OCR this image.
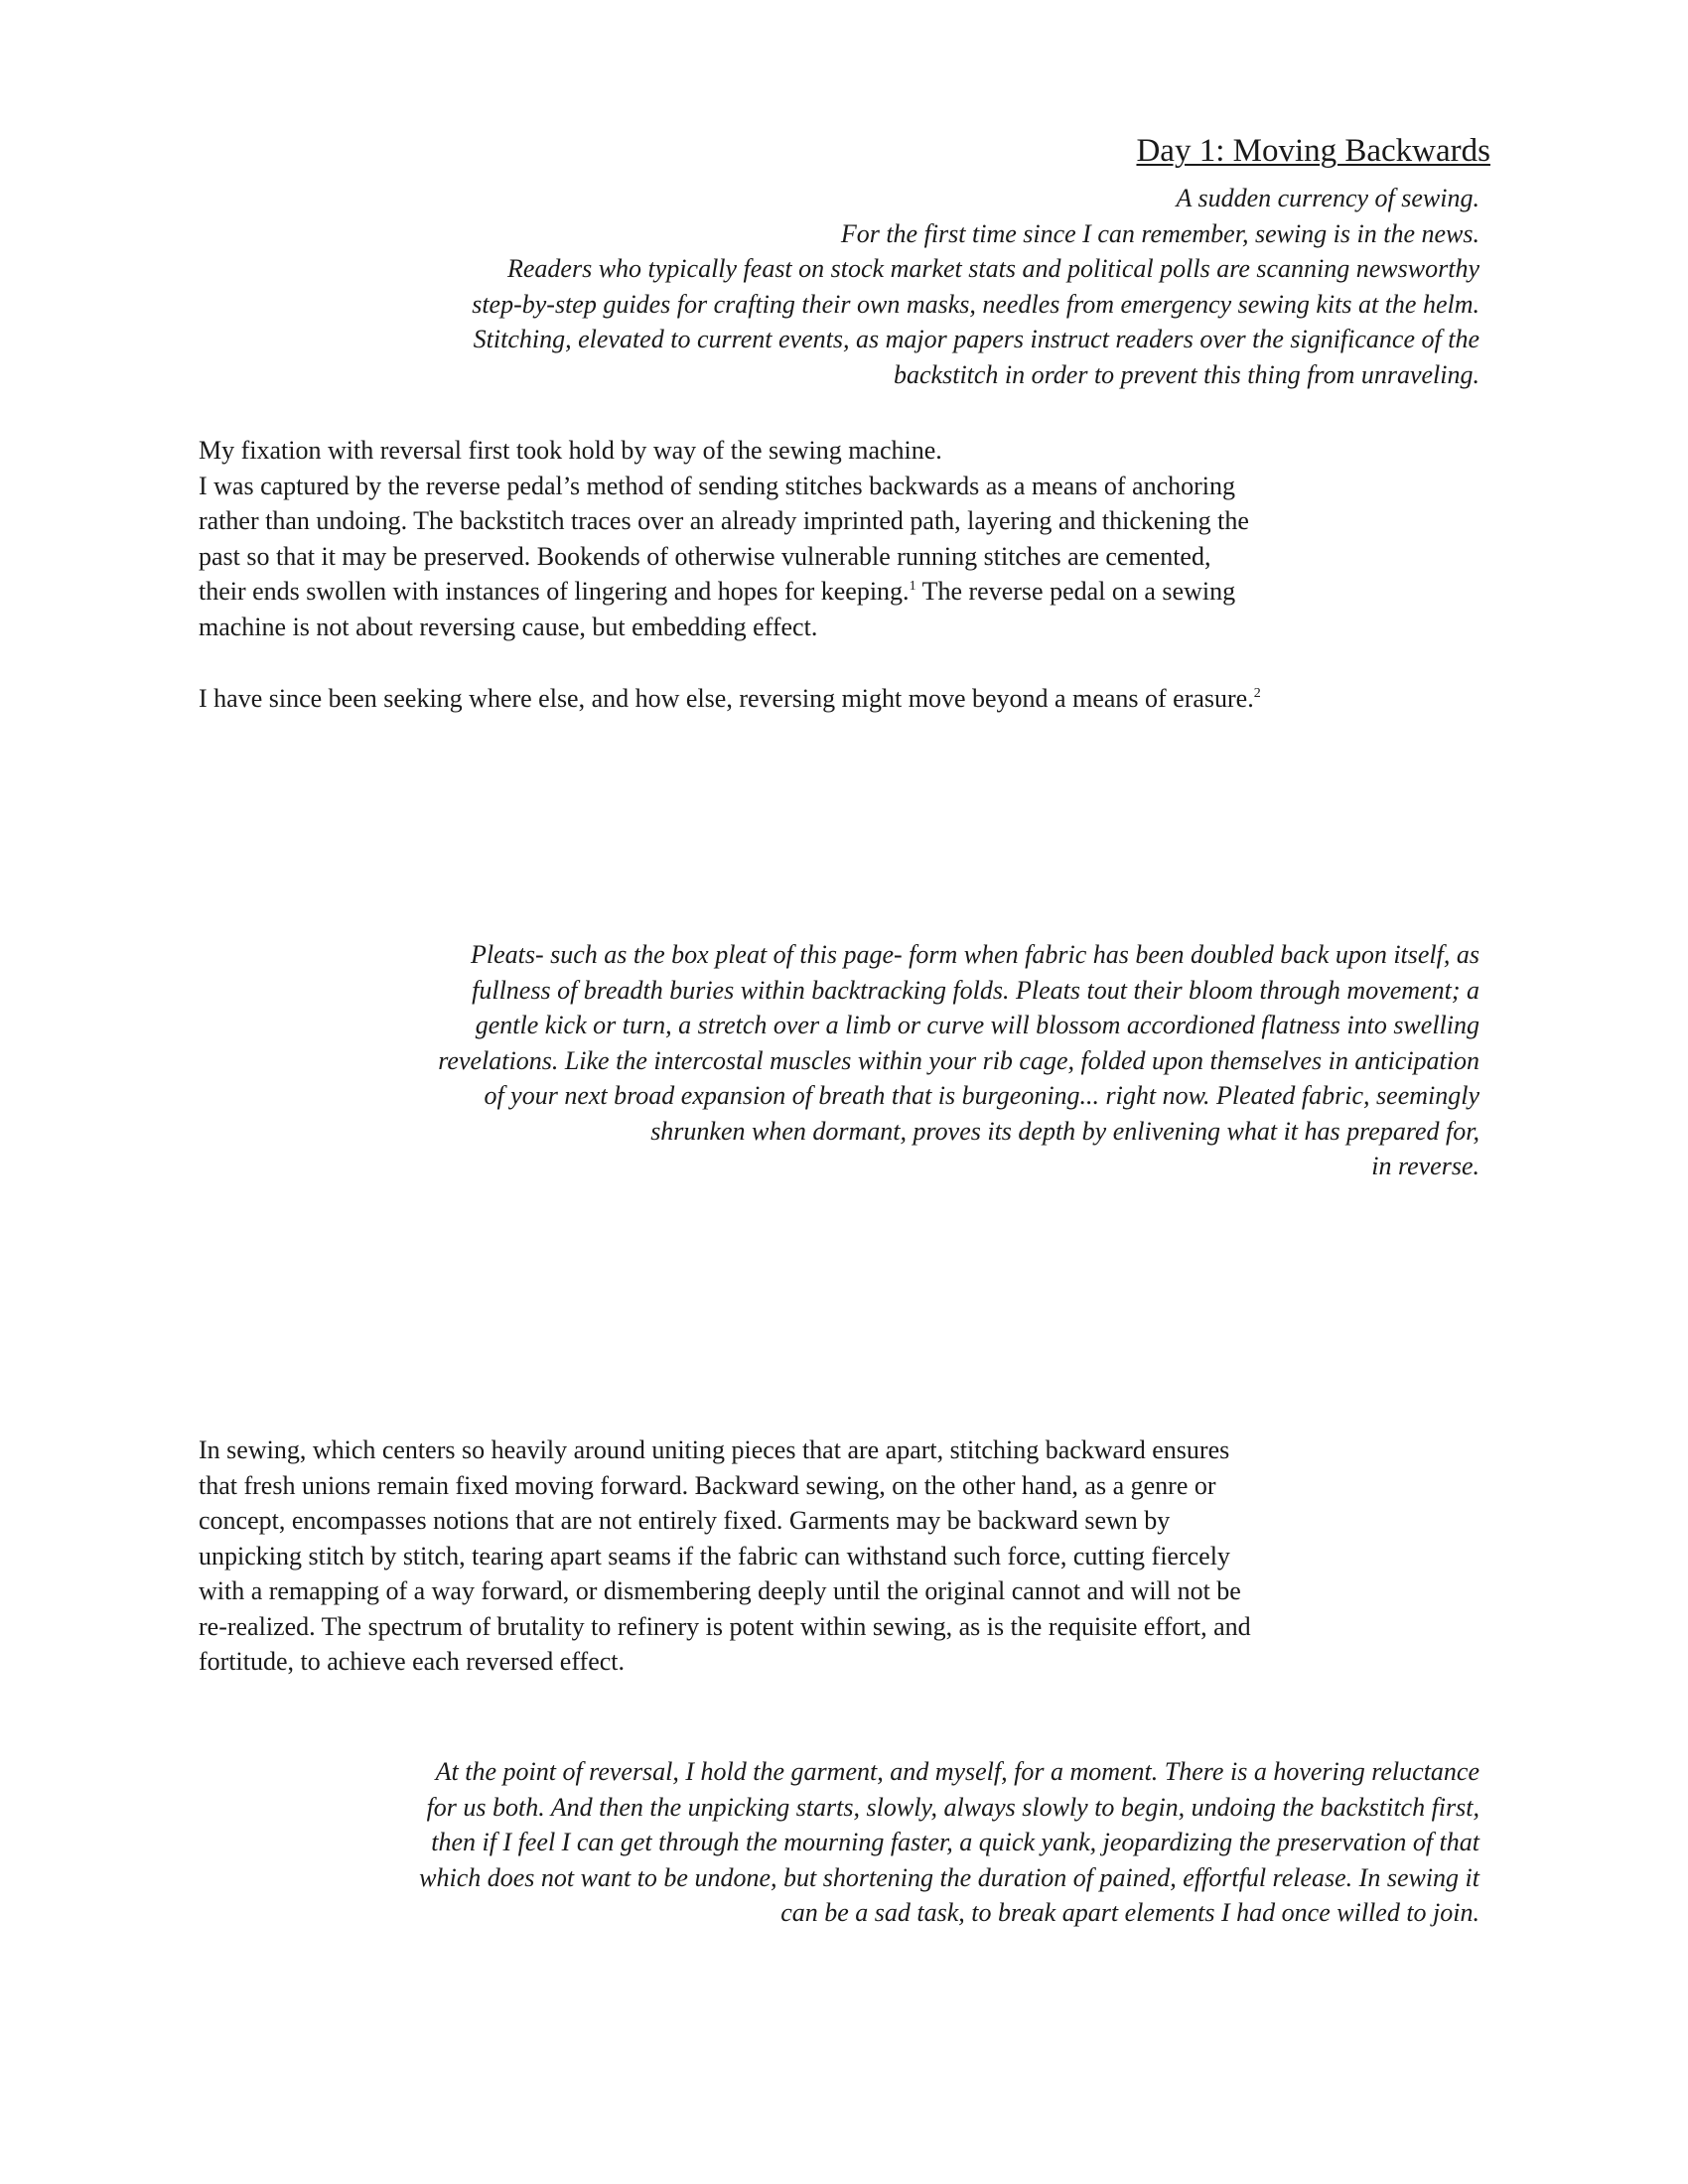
Day 1: Moving Backwards
A sudden currency of sewing.
For the first time since I can remember, sewing is in the news.
Readers who typically feast on stock market stats and political polls are scanning newsworthy
step-by-step guides for crafting their own masks, needles from emergency sewing kits at the helm.
Stitching, elevated to current events, as major papers instruct readers over the significance of the
backstitch in order to prevent this thing from unraveling.
My fixation with reversal first took hold by way of the sewing machine.
I was captured by the reverse pedal’s method of sending stitches backwards as a means of anchoring
rather than undoing. The backstitch traces over an already imprinted path, layering and thickening the
past so that it may be preserved. Bookends of otherwise vulnerable running stitches are cemented,
their ends swollen with instances of lingering and hopes for keeping.$^1$ The reverse pedal on a sewing
machine is not about reversing cause, but embedding effect.
I have since been seeking where else, and how else, reversing might move beyond a means of erasure.$^2$
Pleats- such as the box pleat of this page- form when fabric has been doubled back upon itself, as
fullness of breadth buries within backtracking folds. Pleats tout their bloom through movement; a
gentle kick or turn, a stretch over a limb or curve will blossom accordioned flatness into swelling
revelations. Like the intercostal muscles within your rib cage, folded upon themselves in anticipation
of your next broad expansion of breath that is burgeoning... right now. Pleated fabric, seemingly
shrunken when dormant, proves its depth by enlivening what it has prepared for,
in reverse.
In sewing, which centers so heavily around uniting pieces that are apart, stitching backward ensures
that fresh unions remain fixed moving forward. Backward sewing, on the other hand, as a genre or
concept, encompasses notions that are not entirely fixed. Garments may be backward sewn by
unpicking stitch by stitch, tearing apart seams if the fabric can withstand such force, cutting fiercely
with a remapping of a way forward, or dismembering deeply until the original cannot and will not be
re-realized. The spectrum of brutality to refinery is potent within sewing, as is the requisite effort, and
fortitude, to achieve each reversed effect.
At the point of reversal, I hold the garment, and myself, for a moment. There is a hovering reluctance
for us both. And then the unpicking starts, slowly, always slowly to begin, undoing the backstitch first,
then if I feel I can get through the mourning faster, a quick yank, jeopardizing the preservation of that
which does not want to be undone, but shortening the duration of pained, effortful release. In sewing it
can be a sad task, to break apart elements I had once willed to join.
